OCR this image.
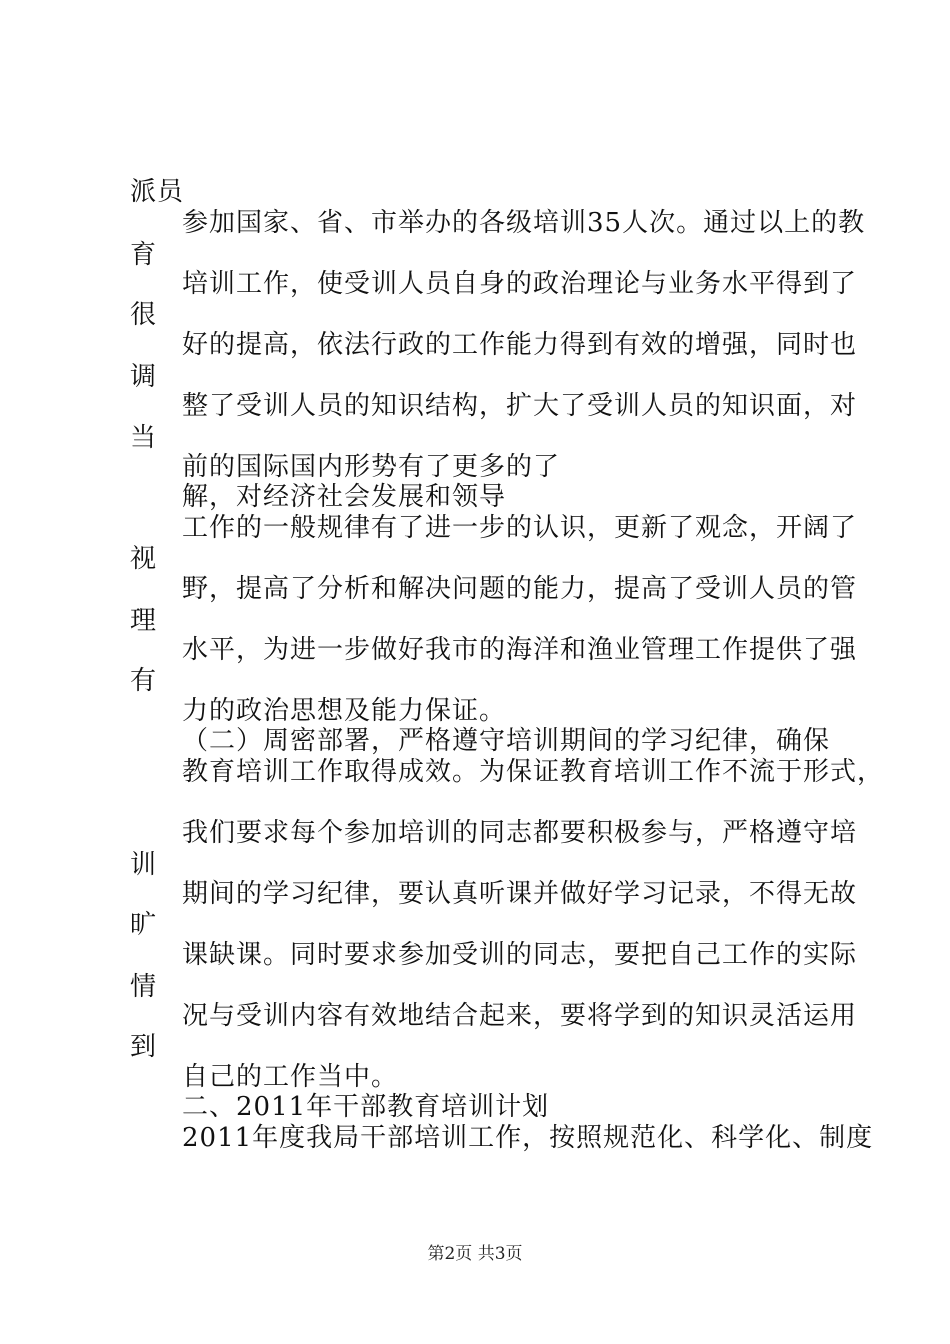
派员
参加国家、省、市举办的各级培训35人次。通过以上的教
育
培训工作，使受训人员自身的政治理论与业务水平得到了
很
好的提高，依法行政的工作能力得到有效的增强，同时也
调
整了受训人员的知识结构，扩大了受训人员的知识面，对
当
前的国际国内形势有了更多的了
解，对经济社会发展和领导
工作的一般规律有了进一步的认识，更新了观念，开阔了
视
野，提高了分析和解决问题的能力，提高了受训人员的管
理
水平，为进一步做好我市的海洋和渔业管理工作提供了强
有
力的政治思想及能力保证。
（二）周密部署，严格遵守培训期间的学习纪律，确保
教育培训工作取得成效。为保证教育培训工作不流于形式，
我们要求每个参加培训的同志都要积极参与，严格遵守培
训
期间的学习纪律，要认真听课并做好学习记录，不得无故
旷
课缺课。同时要求参加受训的同志，要把自己工作的实际
情
况与受训内容有效地结合起来，要将学到的知识灵活运用
到
自己的工作当中。
二、2011年干部教育培训计划
2011年度我局干部培训工作，按照规范化、科学化、制度
第2页 共3页
